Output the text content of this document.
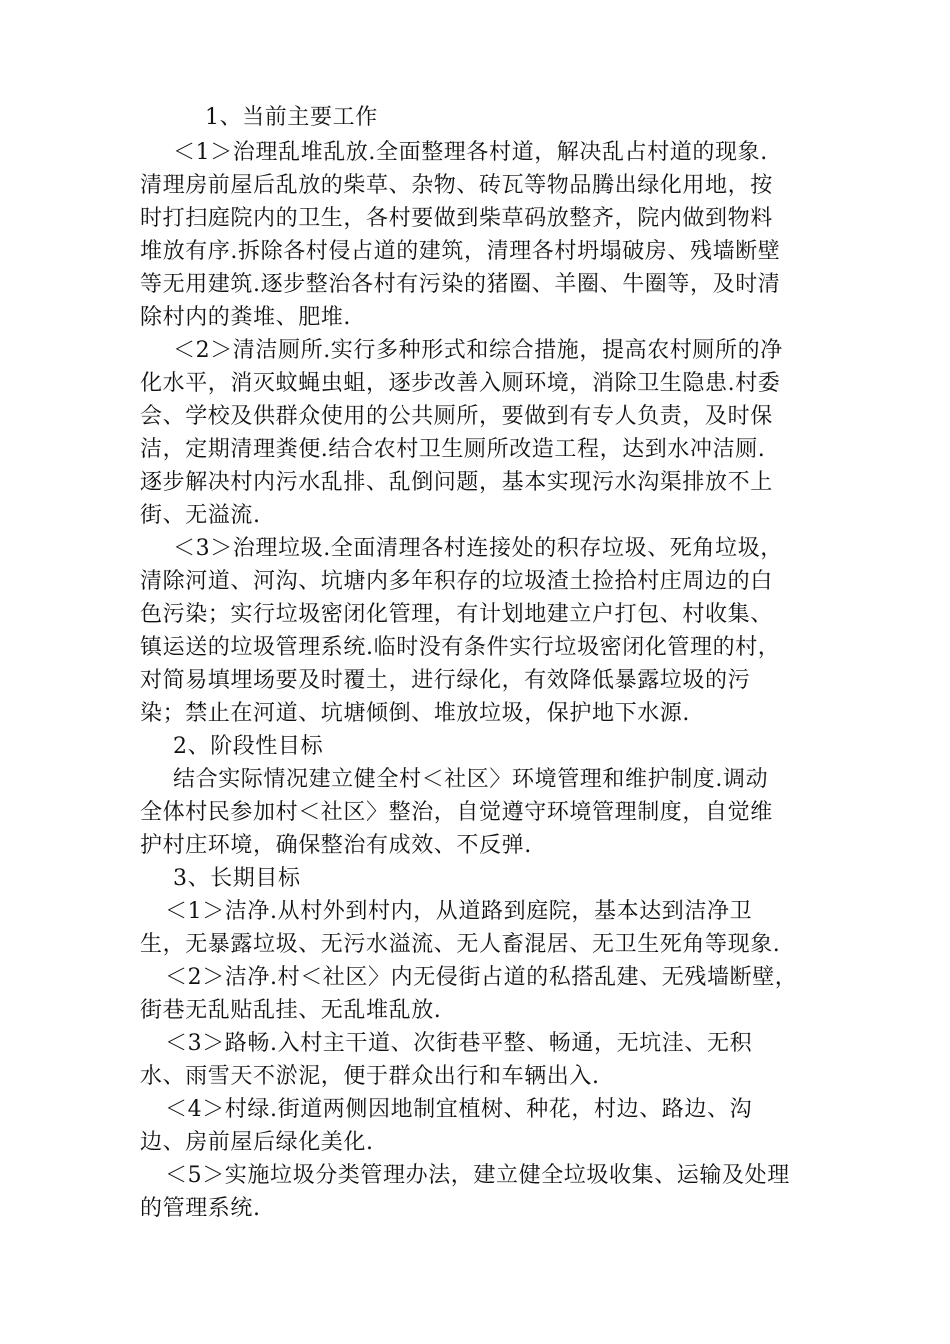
1、当前主要工作
＜1＞治理乱堆乱放.全面整理各村道，解决乱占村道的现象.
清理房前屋后乱放的柴草、杂物、砖瓦等物品腾出绿化用地，按
时打扫庭院内的卫生，各村要做到柴草码放整齐，院内做到物料
堆放有序.拆除各村侵占道的建筑，清理各村坍塌破房、残墙断壁
等无用建筑.逐步整治各村有污染的猪圈、羊圈、牛圈等，及时清
除村内的粪堆、肥堆.
＜2＞清洁厕所.实行多种形式和综合措施，提高农村厕所的净
化水平，消灭蚊蝇虫蛆，逐步改善入厕环境，消除卫生隐患.村委
会、学校及供群众使用的公共厕所，要做到有专人负责，及时保
洁，定期清理粪便.结合农村卫生厕所改造工程，达到水冲洁厕.
逐步解决村内污水乱排、乱倒问题，基本实现污水沟渠排放不上
街、无溢流.
＜3＞治理垃圾.全面清理各村连接处的积存垃圾、死角垃圾，
清除河道、河沟、坑塘内多年积存的垃圾渣土捡拾村庄周边的白
色污染；实行垃圾密闭化管理，有计划地建立户打包、村收集、
镇运送的垃圾管理系统.临时没有条件实行垃圾密闭化管理的村，
对简易填埋场要及时覆土，进行绿化，有效降低暴露垃圾的污
染；禁止在河道、坑塘倾倒、堆放垃圾，保护地下水源.
2、阶段性目标
结合实际情况建立健全村＜社区〉环境管理和维护制度.调动
全体村民参加村＜社区〉整治，自觉遵守环境管理制度，自觉维
护村庄环境，确保整治有成效、不反弹.
3、长期目标
＜1＞洁净.从村外到村内，从道路到庭院，基本达到洁净卫
生，无暴露垃圾、无污水溢流、无人畜混居、无卫生死角等现象.
＜2＞洁净.村＜社区〉内无侵街占道的私搭乱建、无残墙断壁，
街巷无乱贴乱挂、无乱堆乱放.
＜3＞路畅.入村主干道、次街巷平整、畅通，无坑洼、无积
水、雨雪天不淤泥，便于群众出行和车辆出入.
＜4＞村绿.街道两侧因地制宜植树、种花，村边、路边、沟
边、房前屋后绿化美化.
＜5＞实施垃圾分类管理办法，建立健全垃圾收集、运输及处理
的管理系统.
